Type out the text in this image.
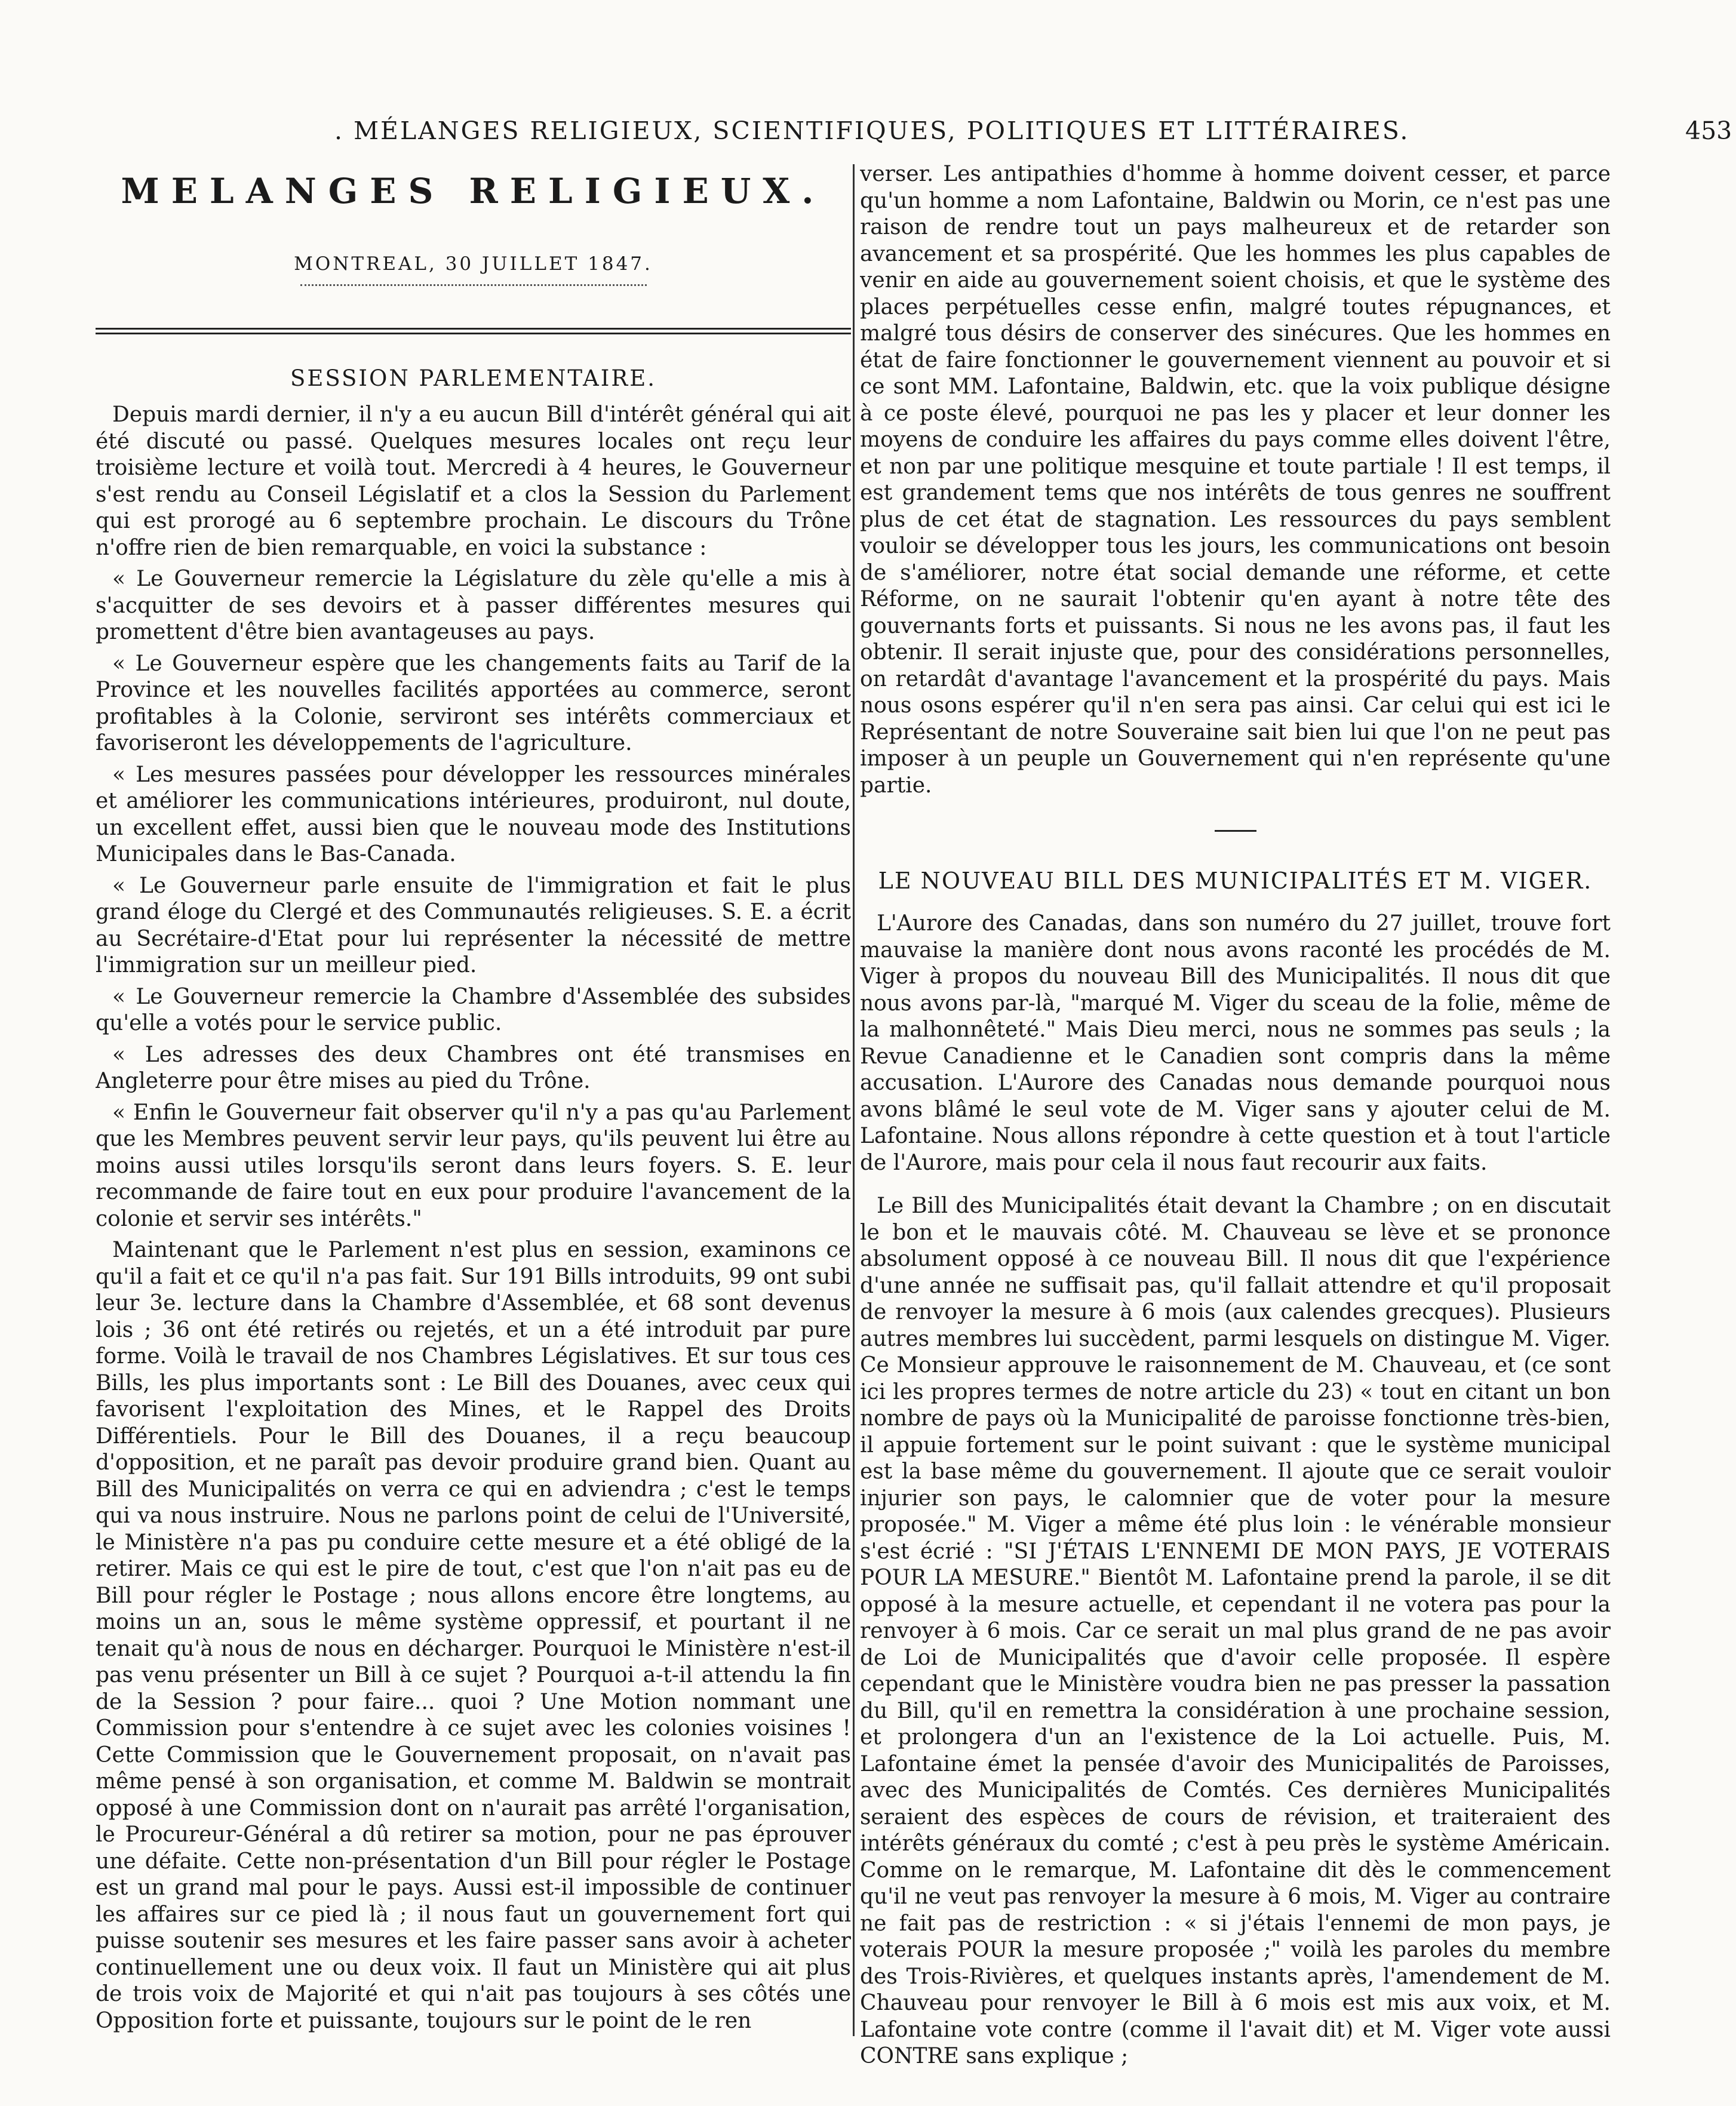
. MÉLANGES RELIGIEUX, SCIENTIFIQUES, POLITIQUES ET LITTÉRAIRES.	453
MELANGES RELIGIEUX.
MONTREAL, 30 JUILLET 1847.
SESSION PARLEMENTAIRE.

Depuis mardi dernier, il n'y a eu aucun Bill d'intérêt général qui ait été discuté ou passé. Quelques mesures locales ont reçu leur troisième lecture et voilà tout. Mercredi à 4 heures, le Gouverneur s'est rendu au Conseil Législatif et a clos la Session du Parlement qui est prorogé au 6 septembre prochain. Le discours du Trône n'offre rien de bien remarquable, en voici la substance :

« Le Gouverneur remercie la Législature du zèle qu'elle a mis à s'acquitter de ses devoirs et à passer différentes mesures qui promettent d'être bien avantageuses au pays.

« Le Gouverneur espère que les changements faits au Tarif de la Province et les nouvelles facilités apportées au commerce, seront profitables à la Colonie, serviront ses intérêts commerciaux et favoriseront les développements de l'agriculture.

« Les mesures passées pour développer les ressources minérales et améliorer les communications intérieures, produiront, nul doute, un excellent effet, aussi bien que le nouveau mode des Institutions Municipales dans le Bas-Canada.

« Le Gouverneur parle ensuite de l'immigration et fait le plus grand éloge du Clergé et des Communautés religieuses. S. E. a écrit au Secrétaire-d'Etat pour lui représenter la nécessité de mettre l'immigration sur un meilleur pied.

« Le Gouverneur remercie la Chambre d'Assemblée des subsides qu'elle a votés pour le service public.

« Les adresses des deux Chambres ont été transmises en Angleterre pour être mises au pied du Trône.

« Enfin le Gouverneur fait observer qu'il n'y a pas qu'au Parlement que les Membres peuvent servir leur pays, qu'ils peuvent lui être au moins aussi utiles lorsqu'ils seront dans leurs foyers. S. E. leur recommande de faire tout en eux pour produire l'avancement de la colonie et servir ses intérêts."

Maintenant que le Parlement n'est plus en session, examinons ce qu'il a fait et ce qu'il n'a pas fait. Sur 191 Bills introduits, 99 ont subi leur 3e. lecture dans la Chambre d'Assemblée, et 68 sont devenus lois ; 36 ont été retirés ou rejetés, et un a été introduit par pure forme. Voilà le travail de nos Chambres Législatives. Et sur tous ces Bills, les plus importants sont : Le Bill des Douanes, avec ceux qui favorisent l'exploitation des Mines, et le Rappel des Droits Différentiels. Pour le Bill des Douanes, il a reçu beaucoup d'opposition, et ne paraît pas devoir produire grand bien. Quant au Bill des Municipalités on verra ce qui en adviendra ; c'est le temps qui va nous instruire. Nous ne parlons point de celui de l'Université, le Ministère n'a pas pu conduire cette mesure et a été obligé de la retirer. Mais ce qui est le pire de tout, c'est que l'on n'ait pas eu de Bill pour régler le Postage ; nous allons encore être longtems, au moins un an, sous le même système oppressif, et pourtant il ne tenait qu'à nous de nous en décharger. Pourquoi le Ministère n'est-il pas venu présenter un Bill à ce sujet ? Pourquoi a-t-il attendu la fin de la Session ? pour faire... quoi ? Une Motion nommant une Commission pour s'entendre à ce sujet avec les colonies voisines ! Cette Commission que le Gouvernement proposait, on n'avait pas même pensé à son organisation, et comme M. Baldwin se montrait opposé à une Commission dont on n'aurait pas arrêté l'organisation, le Procureur-Général a dû retirer sa motion, pour ne pas éprouver une défaite. Cette non-présentation d'un Bill pour régler le Postage est un grand mal pour le pays. Aussi est-il impossible de continuer les affaires sur ce pied là ; il nous faut un gouvernement fort qui puisse soutenir ses mesures et les faire passer sans avoir à acheter continuellement une ou deux voix. Il faut un Ministère qui ait plus de trois voix de Majorité et qui n'ait pas toujours à ses côtés une Opposition forte et puissante, toujours sur le point de le ren

verser. Les antipathies d'homme à homme doivent cesser, et parce qu'un homme a nom Lafontaine, Baldwin ou Morin, ce n'est pas une raison de rendre tout un pays malheureux et de retarder son avancement et sa prospérité. Que les hommes les plus capables de venir en aide au gouvernement soient choisis, et que le système des places perpétuelles cesse enfin, malgré toutes répugnances, et malgré tous désirs de conserver des sinécures. Que les hommes en état de faire fonctionner le gouvernement viennent au pouvoir et si ce sont MM. Lafontaine, Baldwin, etc. que la voix publique désigne à ce poste élevé, pourquoi ne pas les y placer et leur donner les moyens de conduire les affaires du pays comme elles doivent l'être, et non par une politique mesquine et toute partiale ! Il est temps, il est grandement tems que nos intérêts de tous genres ne souffrent plus de cet état de stagnation. Les ressources du pays semblent vouloir se développer tous les jours, les communications ont besoin de s'améliorer, notre état social demande une réforme, et cette Réforme, on ne saurait l'obtenir qu'en ayant à notre tête des gouvernants forts et puissants. Si nous ne les avons pas, il faut les obtenir. Il serait injuste que, pour des considérations personnelles, on retardât d'avantage l'avancement et la prospérité du pays. Mais nous osons espérer qu'il n'en sera pas ainsi. Car celui qui est ici le Représentant de notre Souveraine sait bien lui que l'on ne peut pas imposer à un peuple un Gouvernement qui n'en représente qu'une partie.

LE NOUVEAU BILL DES MUNICIPALITÉS ET M. VIGER.

L'Aurore des Canadas, dans son numéro du 27 juillet, trouve fort mauvaise la manière dont nous avons raconté les procédés de M. Viger à propos du nouveau Bill des Municipalités. Il nous dit que nous avons par-là, "marqué M. Viger du sceau de la folie, même de la malhonnêteté." Mais Dieu merci, nous ne sommes pas seuls ; la Revue Canadienne et le Canadien sont compris dans la même accusation. L'Aurore des Canadas nous demande pourquoi nous avons blâmé le seul vote de M. Viger sans y ajouter celui de M. Lafontaine. Nous allons répondre à cette question et à tout l'article de l'Aurore, mais pour cela il nous faut recourir aux faits.

Le Bill des Municipalités était devant la Chambre ; on en discutait le bon et le mauvais côté. M. Chauveau se lève et se prononce absolument opposé à ce nouveau Bill. Il nous dit que l'expérience d'une année ne suffisait pas, qu'il fallait attendre et qu'il proposait de renvoyer la mesure à 6 mois (aux calendes grecques). Plusieurs autres membres lui succèdent, parmi lesquels on distingue M. Viger. Ce Monsieur approuve le raisonnement de M. Chauveau, et (ce sont ici les propres termes de notre article du 23) « tout en citant un bon nombre de pays où la Municipalité de paroisse fonctionne très-bien, il appuie fortement sur le point suivant : que le système municipal est la base même du gouvernement. Il ajoute que ce serait vouloir injurier son pays, le calomnier que de voter pour la mesure proposée." M. Viger a même été plus loin : le vénérable monsieur s'est écrié : "SI J'ÉTAIS L'ENNEMI DE MON PAYS, JE VOTERAIS POUR LA MESURE." Bientôt M. Lafontaine prend la parole, il se dit opposé à la mesure actuelle, et cependant il ne votera pas pour la renvoyer à 6 mois. Car ce serait un mal plus grand de ne pas avoir de Loi de Municipalités que d'avoir celle proposée. Il espère cependant que le Ministère voudra bien ne pas presser la passation du Bill, qu'il en remettra la considération à une prochaine session, et prolongera d'un an l'existence de la Loi actuelle. Puis, M. Lafontaine émet la pensée d'avoir des Municipalités de Paroisses, avec des Municipalités de Comtés. Ces dernières Municipalités seraient des espèces de cours de révision, et traiteraient des intérêts généraux du comté ; c'est à peu près le système Américain. Comme on le remarque, M. Lafontaine dit dès le commencement qu'il ne veut pas renvoyer la mesure à 6 mois, M. Viger au contraire ne fait pas de restriction : « si j'étais l'ennemi de mon pays, je voterais POUR la mesure proposée ;" voilà les paroles du membre des Trois-Rivières, et quelques instants après, l'amendement de M. Chauveau pour renvoyer le Bill à 6 mois est mis aux voix, et M. Lafontaine vote contre (comme il l'avait dit) et M. Viger vote aussi CONTRE sans explique ;
